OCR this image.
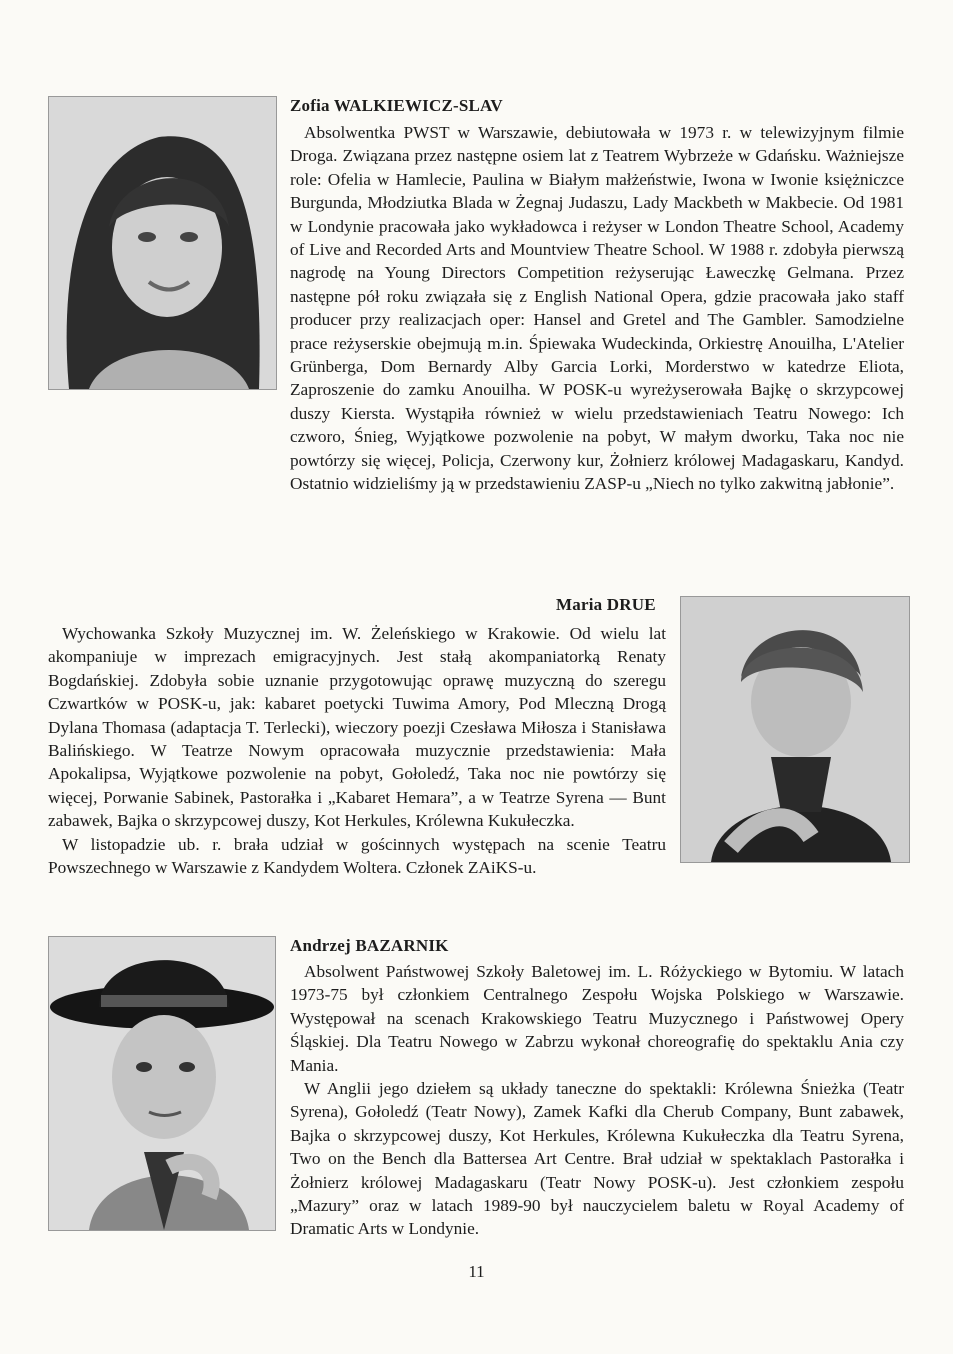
Zofia WALKIEWICZ-SLAV

Absolwentka PWST w Warszawie, debiutowała w 1973 r. w telewizyjnym filmie Droga. Związana przez następne osiem lat z Teatrem Wybrzeże w Gdańsku. Ważniejsze role: Ofelia w Hamlecie, Paulina w Białym małżeństwie, Iwona w Iwonie księżniczce Burgunda, Młodziutka Blada w Żegnaj Judaszu, Lady Mackbeth w Makbecie. Od 1981 w Londynie pracowała jako wykładowca i reżyser w London Theatre School, Academy of Live and Recorded Arts and Mountview Theatre School. W 1988 r. zdobyła pierwszą nagrodę na Young Directors Competition reżyserując Ławeczkę Gelmana. Przez następne pół roku związała się z English National Opera, gdzie pracowała jako staff producer przy realizacjach oper: Hansel and Gretel and The Gambler. Samodzielne prace reżyserskie obejmują m.in. Śpiewaka Wudeckinda, Orkiestrę Anouilha, L'Atelier Grünberga, Dom Bernardy Alby Garcia Lorki, Morderstwo w katedrze Eliota, Zaproszenie do zamku Anouilha. W POSK-u wyreżyserowała Bajkę o skrzypcowej duszy Kiersta. Wystąpiła również w wielu przedstawieniach Teatru Nowego: Ich czworo, Śnieg, Wyjątkowe pozwolenie na pobyt, W małym dworku, Taka noc nie powtórzy się więcej, Policja, Czerwony kur, Żołnierz królowej Madagaskaru, Kandyd. Ostatnio widzieliśmy ją w przedstawieniu ZASP-u „Niech no tylko zakwitną jabłonie”.

Maria DRUE

Wychowanka Szkoły Muzycznej im. W. Żeleńskiego w Krakowie. Od wielu lat akompaniuje w imprezach emigracyjnych. Jest stałą akompaniatorką Renaty Bogdańskiej. Zdobyła sobie uznanie przygotowując oprawę muzyczną do szeregu Czwartków w POSK-u, jak: kabaret poetycki Tuwima Amory, Pod Mleczną Drogą Dylana Thomasa (adaptacja T. Terlecki), wieczory poezji Czesława Miłosza i Stanisława Balińskiego. W Teatrze Nowym opracowała muzycznie przedstawienia: Mała Apokalipsa, Wyjątkowe pozwolenie na pobyt, Gołoledź, Taka noc nie powtórzy się więcej, Porwanie Sabinek, Pastorałka i „Kabaret Hemara”, a w Teatrze Syrena — Bunt zabawek, Bajka o skrzypcowej duszy, Kot Herkules, Królewna Kukułeczka.

W listopadzie ub. r. brała udział w gościnnych występach na scenie Teatru Powszechnego w Warszawie z Kandydem Woltera. Członek ZAiKS-u.

Andrzej BAZARNIK

Absolwent Państwowej Szkoły Baletowej im. L. Różyckiego w Bytomiu. W latach 1973-75 był członkiem Centralnego Zespołu Wojska Polskiego w Warszawie. Występował na scenach Krakowskiego Teatru Muzycznego i Państwowej Opery Śląskiej. Dla Teatru Nowego w Zabrzu wykonał choreografię do spektaklu Ania czy Mania.

W Anglii jego dziełem są układy taneczne do spektakli: Królewna Śnieżka (Teatr Syrena), Gołoledź (Teatr Nowy), Zamek Kafki dla Cherub Company, Bunt zabawek, Bajka o skrzypcowej duszy, Kot Herkules, Królewna Kukułeczka dla Teatru Syrena, Two on the Bench dla Battersea Art Centre. Brał udział w spektaklach Pastorałka i Żołnierz królowej Madagaskaru (Teatr Nowy POSK-u). Jest członkiem zespołu „Mazury” oraz w latach 1989-90 był nauczycielem baletu w Royal Academy of Dramatic Arts w Londynie.

11
